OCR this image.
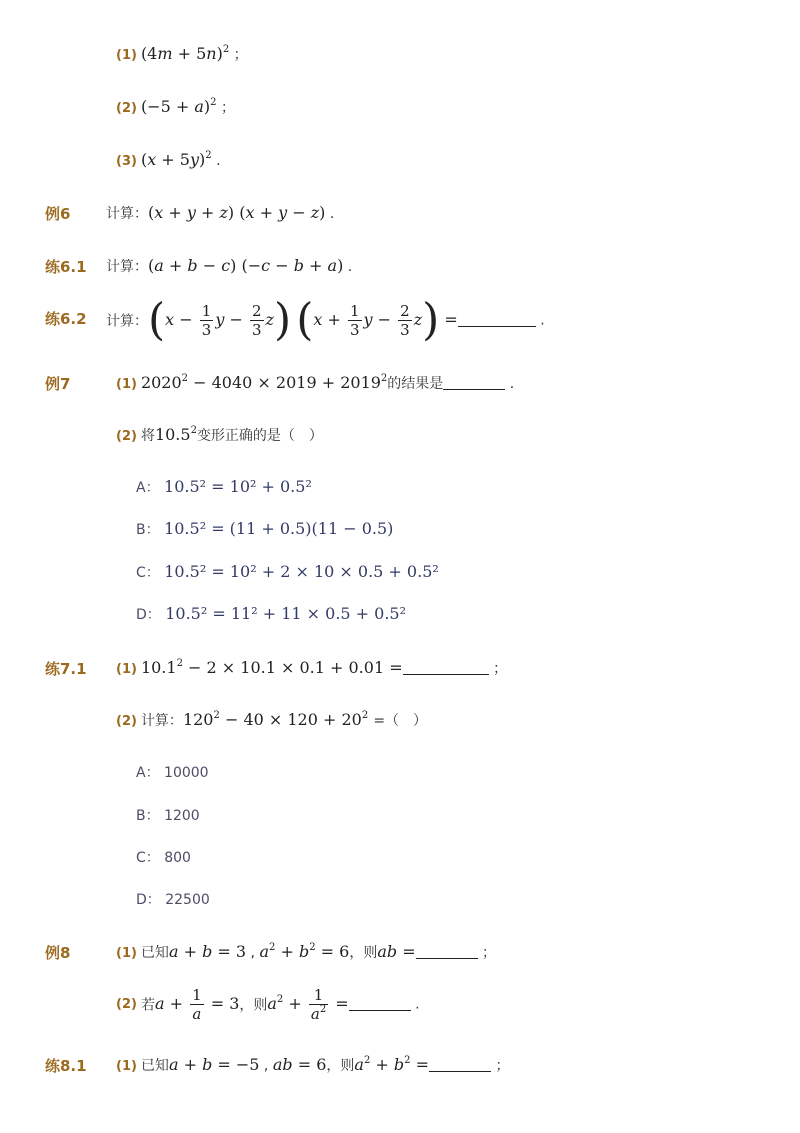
(1) $(4m + 5n)^2$ ；
(2) $(-5 + a)^2$ ；
(3) $(x + 5y)^2$ .
例6	计算：(x + y + z) (x + y − z) .
练6.1 计算：(a + b − c) (−c − b + a) .
练6.2 计算：($x - \frac{1}{3}$ $y - \frac{2}{3} z$) ($x + \frac{1}{3}$ $y - \frac{2}{3} z$) =	.
例7	(1) $2020^2 - 4040 \times 2019 + 2019^2$的结果是	.
(2) 将10.5$^2$变形正确的是（　）
A： 10.5² = 10² + 0.5²
B： 10.5² = (11 + 0.5)(11 − 0.5)
C： 10.5² = 10² + 2 × 10 × 0.5 + 0.5²
D： 10.5² = 11² + 11 × 0.5 + 0.5²
练7.1 (1) $10.1^2 - 2 \times 10.1 \times 0.1 + 0.01$ =	；
(2) 计算：$120^2 - 40 \times 120 + 20^2$ =（　）
A： 10000
B： 1200
C： 800
D： 22500
例8	(1) 已知a + b = 3 , $a^2 + b^2 = 6$，则ab =	；
(2) 若$a + \frac{1}{a} = 3$，则$a^2 + \frac{1}{a^2}$ =	.
练8.1 (1) 已知a + b = −5 , ab = 6，则$a^2 + b^2$ =	；
